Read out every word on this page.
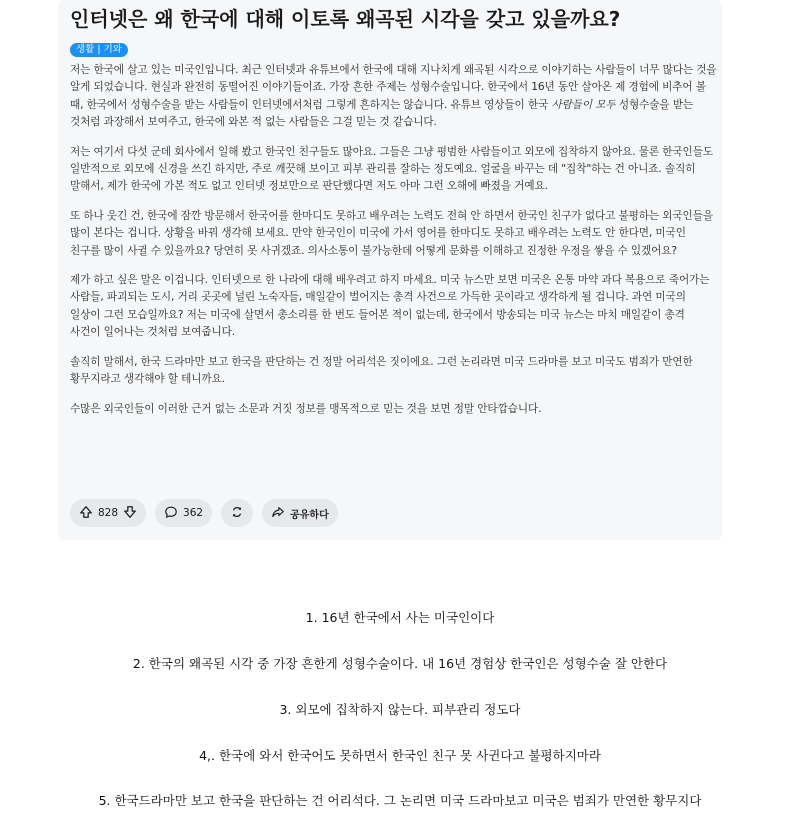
인터넷은 왜 한국에 대해 이토록 왜곡된 시각을 갖고 있을까요?
생활 | 기와

저는 한국에 살고 있는 미국인입니다. 최근 인터넷과 유튜브에서 한국에 대해 지나치게 왜곡된 시각으로 이야기하는 사람들이 너무 많다는 것을 알게 되었습니다. 현실과 완전히 동떨어진 이야기들이죠. 가장 흔한 주제는 성형수술입니다. 한국에서 16년 동안 살아온 제 경험에 비추어 볼 때, 한국에서 성형수술을 받는 사람들이 인터넷에서처럼 그렇게 흔하지는 않습니다. 유튜브 영상들이 한국 사람들이 모두 성형수술을 받는 것처럼 과장해서 보여주고, 한국에 와본 적 없는 사람들은 그걸 믿는 것 같습니다.

저는 여기서 다섯 군데 회사에서 일해 봤고 한국인 친구들도 많아요. 그들은 그냥 평범한 사람들이고 외모에 집착하지 않아요. 물론 한국인들도 일반적으로 외모에 신경을 쓰긴 하지만, 주로 깨끗해 보이고 피부 관리를 잘하는 정도예요. 얼굴을 바꾸는 데 "집착"하는 건 아니죠. 솔직히 말해서, 제가 한국에 가본 적도 없고 인터넷 정보만으로 판단했다면 저도 아마 그런 오해에 빠졌을 거예요.

또 하나 웃긴 건, 한국에 잠깐 방문해서 한국어를 한마디도 못하고 배우려는 노력도 전혀 안 하면서 한국인 친구가 없다고 불평하는 외국인들을 많이 본다는 겁니다. 상황을 바꿔 생각해 보세요. 만약 한국인이 미국에 가서 영어를 한마디도 못하고 배우려는 노력도 안 한다면, 미국인 친구를 많이 사귈 수 있을까요? 당연히 못 사귀겠죠. 의사소통이 불가능한데 어떻게 문화를 이해하고 진정한 우정을 쌓을 수 있겠어요?

제가 하고 싶은 말은 이겁니다. 인터넷으로 한 나라에 대해 배우려고 하지 마세요. 미국 뉴스만 보면 미국은 온통 마약 과다 복용으로 죽어가는 사람들, 파괴되는 도시, 거리 곳곳에 널린 노숙자들, 매일같이 벌어지는 총격 사건으로 가득한 곳이라고 생각하게 될 겁니다. 과연 미국의 일상이 그런 모습일까요? 저는 미국에 살면서 총소리를 한 번도 들어본 적이 없는데, 한국에서 방송되는 미국 뉴스는 마치 매일같이 총격 사건이 일어나는 것처럼 보여줍니다.

솔직히 말해서, 한국 드라마만 보고 한국을 판단하는 건 정말 어리석은 짓이에요. 그런 논리라면 미국 드라마를 보고 미국도 범죄가 만연한 황무지라고 생각해야 할 테니까요.

수많은 외국인들이 이러한 근거 없는 소문과 거짓 정보를 맹목적으로 믿는 것을 보면 정말 안타깝습니다.

828	362	공유하다
1. 16년 한국에서 사는 미국인이다
2. 한국의 왜곡된 시각 중 가장 흔한게 성형수술이다. 내 16년 경험상 한국인은 성형수술 잘 안한다
3. 외모에 집착하지 않는다. 피부관리 정도다
4,. 한국에 와서 한국어도 못하면서 한국인 친구 못 사귄다고 불평하지마라
5. 한국드라마만 보고 한국을 판단하는 건 어리석다. 그 논리면 미국 드라마보고 미국은 범죄가 만연한 황무지다
